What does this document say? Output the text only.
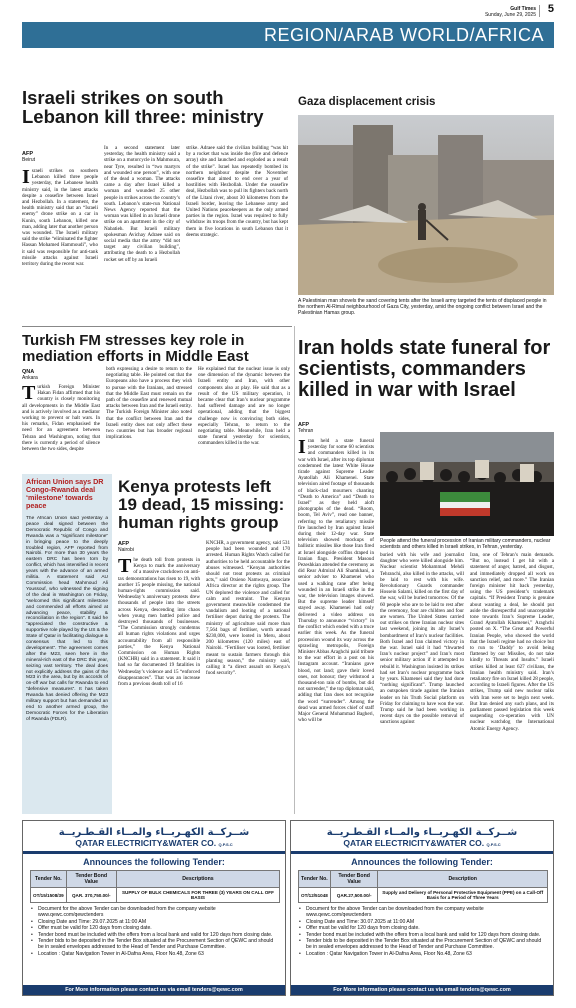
Gulf Times
Sunday, June 29, 2025 5
REGION/ARAB WORLD/AFRICA
Israeli strikes on south Lebanon kill three: ministry
AFP
Beirut
Israeli strikes on southern Lebanon killed three people yesterday, the Lebanese health ministry said, in the latest attacks despite a ceasefire between Israel and Hezbollah. In a statement, the health ministry said that an “Israeli enemy” drone strike on a car in Kunin, south Lebanon, killed one man, adding later that another person was wounded. The Israeli military said the strike “eliminated the fighter Hassan Mohamed Hammoudi”, who it said was responsible for anti-tank missile attacks against Israeli territory during the recent war.
In a second statement later yesterday, the health ministry said a strike on a motorcycle in Mahmoura, near Tyre, resulted in “two martyrs and wounded one person”, with one of the dead a woman. The attacks came a day after Israel killed a woman and wounded 25 other people in strikes across the country’s south. Lebanon’s state-run National News Agency reported that the woman was killed in an Israeli drone strike on an apartment in the city of Nabatieh. But Israeli military spokesman Avichay Adraee said on social media that the army “did not target any civilian building”, attributing the death to a Hezbollah rocket set off by an Israeli
strike. Adraee said the civilian building “was hit by a rocket that was inside the (fire and defence array) site and launched and exploded as a result of the strike”. Israel has repeatedly bombed its northern neighbour despite the November ceasefire that aimed to end over a year of hostilities with Hezbollah. Under the ceasefire deal, Hezbollah was to pull its fighters back north of the Litani river, about 30 kilometres from the Israeli border, leaving the Lebanese army and United Nations peacekeepers as the only armed parties in the region. Israel was required to fully withdraw its troops from the country, but has kept them in five locations in south Lebanon that it deems strategic.
Gaza displacement crisis
A Palestinian man shovels the sand covering tents after the Israeli army targeted the tents of displaced people in the northern Al-Rimal neighbourhood of Gaza City, yesterday, amid the ongoing conflict between Israel and the Palestinian Hamas group.
Turkish FM stresses key role in mediation efforts in Middle East
QNA
Ankara
Turkish Foreign Minister Hakan Fidan affirmed that his country is closely monitoring all developments in the Middle East and is actively involved as a mediator working to prevent or halt wars. In his remarks, Fidan emphasised the need for an agreement between Tehran and Washington, noting that there is currently a period of silence between the two sides, despite
both expressing a desire to return to the negotiating table. He pointed out that the Europeans also have a process they wish to pursue with the Iranians, and stressed that the Middle East must remain on the path of the ceasefire and renewed mutual attacks between Iran and the Israeli entity. The Turkish Foreign Minister also noted that the conflict between Iran and the Israeli entity does not only affect these two countries but has broader regional implications.
He explained that the nuclear issue is only one dimension of the dynamic between the Israeli entity and Iran, with other components also at play. He said that as a result of the US military operation, it became clear that Iran’s nuclear programme had suffered damage and are no longer operational, adding that the biggest challenge now is convincing both sides, especially Tehran, to return to the negotiating table. Meanwhile, Iran held a state funeral yesterday for scientists, commanders killed in the war.
African Union says DR Congo-Rwanda deal ‘milestone’ towards peace
The African Union said yesterday a peace deal signed between the Democratic Republic of Congo and Rwanda was a “significant milestone” in bringing peace to the deeply troubled region, AFP reported from Nairobi. For more than 30 years the eastern DRC has been torn by conflict, which has intensified in recent years with the advance of an armed militia. A statement said AU Commission head Mahmoud Ali Youssouf, who witnessed the signing of the deal in Washington on Friday, “welcomed this significant milestone and commended all efforts aimed at advancing peace, stability & reconciliation in the region”. It said he “appreciated the constructive & supportive role played by the US & the State of Qatar in facilitating dialogue & consensus that led to this development”. The agreement comes after the M23, seen here in the mineral-rich east of the DRC this year, seizing vast territory. The deal does not explicitly address the gains of the M23 in the area, but by its accords of on-off war but calls for Rwanda to end “defensive measures”. It has taken Rwanda has denied offering the M23 military support but has demanded an end to another armed group, the Democratic Forces for the Liberation of Rwanda (FDLR).
Kenya protests left 19 dead, 15 missing: human rights group
AFP
Nairobi
The death toll from protests in Kenya to mark the anniversary of a massive crackdown on anti-tax demonstrations has risen to 19, with another 15 people missing, the national human-rights commission said. Wednesday’s anniversary protests drew thousands of people into the streets across Kenya, descending into chaos when young men battled police and destroyed thousands of businesses. “The Commission strongly condemns all human rights violations and urges accountability from all responsible parties,” the Kenya National Commission on Human Rights (KNCHR) said in a statement. It said it had so far documented 19 fatalities in Wednesday’s violence and 15 “enforced disappearances”. That was an increase from a previous death toll of 16
KNCHR, a government agency, said 531 people had been wounded and 170 arrested. Human Rights Watch called for authorities to be held accountable for the abuses witnessed. “Kenyan authorities should not treat protests as criminal acts,” said Otsieno Namwaya, associate Africa director at the rights group. The UN deplored the violence and called for calm and restraint. The Kenyan government meanwhile condemned the vandalism and looting of a national fertiliser depot during the protests. The ministry of agriculture said more than 7,564 bags of fertiliser, worth around $230,000, were looted in Meru, about 200 kilometres (120 miles) east of Nairobi. “Fertiliser was looted, fertiliser meant to sustain farmers through this planting season,” the ministry said, calling it “a direct assault on Kenya’s food security”.
Iran holds state funeral for scientists, commanders killed in war with Israel
AFP
Tehran
People attend the funeral procession of Iranian military commanders, nuclear scientists and others killed in Israeli strikes, in Tehran, yesterday.
Iran held a state funeral yesterday for some 60 scientists and commanders killed in its war with Israel, after its top diplomat condemned the latest White House tirade against Supreme Leader Ayatollah Ali Khamenei. State television aired footage of thousands of black-clad mourners chanting “Death to America” and “Death to Israel” as they held aloft photographs of the dead. “Room, boom, Tel Aviv”, read one banner, referring to the retaliatory missile fire launched by Iran against Israel during their 12-day war. State television showed mockups of ballistic missiles like those Iran fired at Israel alongside coffins draped in Iranian flags. President Masoud Pezeshkian attended the ceremony as did Rear Admiral Ali Shamkhani, a senior adviser to Khamenei who used a walking cane after being wounded in an Israeli strike in the war, the television images showed. But the supreme leader himself stayed away. Khamenei had only delivered a video address on Thursday to announce “victory” in the conflict which ended with a truce earlier this week. As the funeral procession wound its way across the sprawling metropolis, Foreign Minister Abbas Araghchi paid tribute to the war effort in a post on his Instagram account. “Iranians gave blood, not land; gave their loved ones, not honour; they withstood a thousand-ton rain of bombs, but did not surrender,” the top diplomat said, adding that Iran does not recognise the word “surrender”. Among the dead was armed forces chief of staff Major General Mohammad Bagheri, who will be
buried with his wife and journalist daughter who were killed alongside him. Nuclear scientist Mohammad Mehdi Tehranchi, also killed in the attacks, will be laid to rest with his wife. Revolutionary Guards commander Hossein Salami, killed on the first day of the war, will be buried tomorrow. Of the 60 people who are to be laid to rest after the ceremony, four are children and four are women. The United States carried out strikes on three Iranian nuclear sites last weekend, joining its ally Israel’s bombardment of Iran’s nuclear facilities. Both Israel and Iran claimed victory in the war. Israel said it had “thwarted Iran’s nuclear project” and Iran’s most senior military action if it attempted to rebuild it. Washington insisted its strikes had set Iran’s nuclear programme back by years. Khamenei said they had done “nothing significant”. Trump launched an outspoken tirade against the Iranian leader on his Truth Social platform on Friday for claiming to have won the war. Trump said he had been working in recent days on the possible removal of sanctions against
Iran, one of Tehran’s main demands. “But no, instead I get hit with a statement of anger, hatred, and disgust, and immediately dropped all work on sanction relief, and more.” The Iranian foreign minister hit back yesterday, using the US president’s trademark capitals. “If President Trump is genuine about wanting a deal, he should put aside the disrespectful and unacceptable tone towards Iran’s Supreme Leader, Grand Ayatollah Khamenei,” Araghchi posted on X. “The Great and Powerful Iranian People, who showed the world that the Israeli regime had no choice but to run to ‘Daddy’ to avoid being flattened by our Missiles, do not take kindly to Threats and Insults.” Israeli strikes killed at least 627 civilians, the Iranian health ministry said. Iran’s retaliatory fire on Israel killed 28 people, according to Israeli figures. After the US strikes, Trump said new nuclear talks with Iran were set to begin next week. But Iran denied any such plans, and its parliament passed legislation this week suspending co-operation with UN nuclear watchdog the International Atomic Energy Agency.
شــركــة الكهـربــاء والمــاء القـطـريــة
QATAR ELECTRICITY&WATER CO. Q.P.S.C
Announces the following Tender:
Tender No.	Tender Bond Value	Descriptions
OT/15/1508/39	QAR. 370,750.00/-	SUPPLY OF BULK CHEMICALS FOR THREE (3) YEARS ON CALL OFF BASIS
• Document for the above Tender can be downloaded from the company website www.qewc.com/qewctenders
• Closing Date and Time: 29.07.2025 at 11:00 AM
• Offer must be valid for 120 days from closing date.
• Tender bond must be included with the offers from a local bank and valid for 120 days from closing date.
• Tender bids to be deposited in the Tender Box situated at the Procurement Section of QEWC and should be in sealed envelopes addressed to the Head of Tender and Purchase Committee.
• Location : Qatar Navigation Tower in Al-Dafna Area, Floor No.48, Zone 63
For More information please contact us via email tenders@qewc.com
شــركــة الكهـربــاء والمــاء القـطـريــة
QATAR ELECTRICITY&WATER CO. Q.P.S.C
Announces the following Tender:
Tender No.	Tender Bond Value	Description
OT/12/51048	QAR.27,500.00/-	Supply and Delivery of Personal Protective Equipment (PPE) on a Call-Off Basis for a Period of Three Years
• Document for the above Tender can be downloaded from the company website www.qewc.com/qewctenders
• Closing Date and Time: 30.07.2025 at 11:00 AM
• Offer must be valid for 120 days from closing date.
• Tender bond must be included with the offers from a local bank and valid for 120 days from closing date.
• Tender bids to be deposited in the Tender Box situated at the Procurement Section of QEWC and should be in sealed envelopes addressed to the Head of Tender and Purchase Committee.
• Location : Qatar Navigation Tower in Al-Dafna Area, Floor No.48, Zone 63
For More information please contact us via email tenders@qewc.com
